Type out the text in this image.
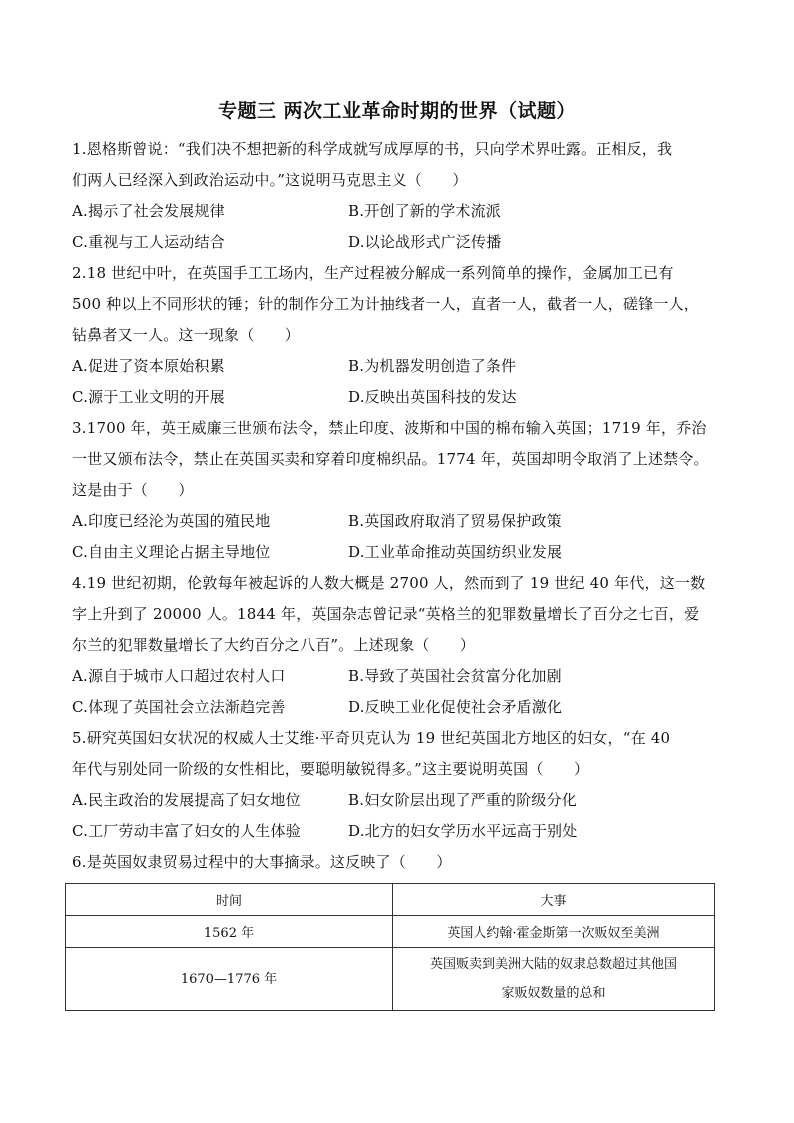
专题三 两次工业革命时期的世界（试题）
1.恩格斯曾说：“我们决不想把新的科学成就写成厚厚的书，只向学术界吐露。正相反，我
们两人已经深入到政治运动中。”这说明马克思主义（　　）
A.揭示了社会发展规律	B.开创了新的学术流派
C.重视与工人运动结合	D.以论战形式广泛传播
2.18 世纪中叶，在英国手工工场内，生产过程被分解成一系列简单的操作，金属加工已有
500 种以上不同形状的锤；针的制作分工为计抽线者一人，直者一人，截者一人，磋锋一人，
钻鼻者又一人。这一现象（　　）
A.促进了资本原始积累	B.为机器发明创造了条件
C.源于工业文明的开展	D.反映出英国科技的发达
3.1700 年，英王威廉三世颁布法令，禁止印度、波斯和中国的棉布输入英国；1719 年，乔治
一世又颁布法令，禁止在英国买卖和穿着印度棉织品。1774 年，英国却明令取消了上述禁令。
这是由于（　　）
A.印度已经沦为英国的殖民地	B.英国政府取消了贸易保护政策
C.自由主义理论占据主导地位	D.工业革命推动英国纺织业发展
4.19 世纪初期，伦敦每年被起诉的人数大概是 2700 人，然而到了 19 世纪 40 年代，这一数
字上升到了 20000 人。1844 年，英国杂志曾记录“英格兰的犯罪数量增长了百分之七百，爱
尔兰的犯罪数量增长了大约百分之八百”。上述现象（　　）
A.源自于城市人口超过农村人口	B.导致了英国社会贫富分化加剧
C.体现了英国社会立法渐趋完善	D.反映工业化促使社会矛盾激化
5.研究英国妇女状况的权威人士艾维·平奇贝克认为 19 世纪英国北方地区的妇女，“在 40
年代与别处同一阶级的女性相比，要聪明敏锐得多。”这主要说明英国（　　）
A.民主政治的发展提高了妇女地位	B.妇女阶层出现了严重的阶级分化
C.工厂劳动丰富了妇女的人生体验	D.北方的妇女学历水平远高于别处
6.是英国奴隶贸易过程中的大事摘录。这反映了（　　）
时间	大事
1562 年	英国人约翰·霍金斯第一次贩奴至美洲
1670—1776 年	英国贩卖到美洲大陆的奴隶总数超过其他国
家贩奴数量的总和
